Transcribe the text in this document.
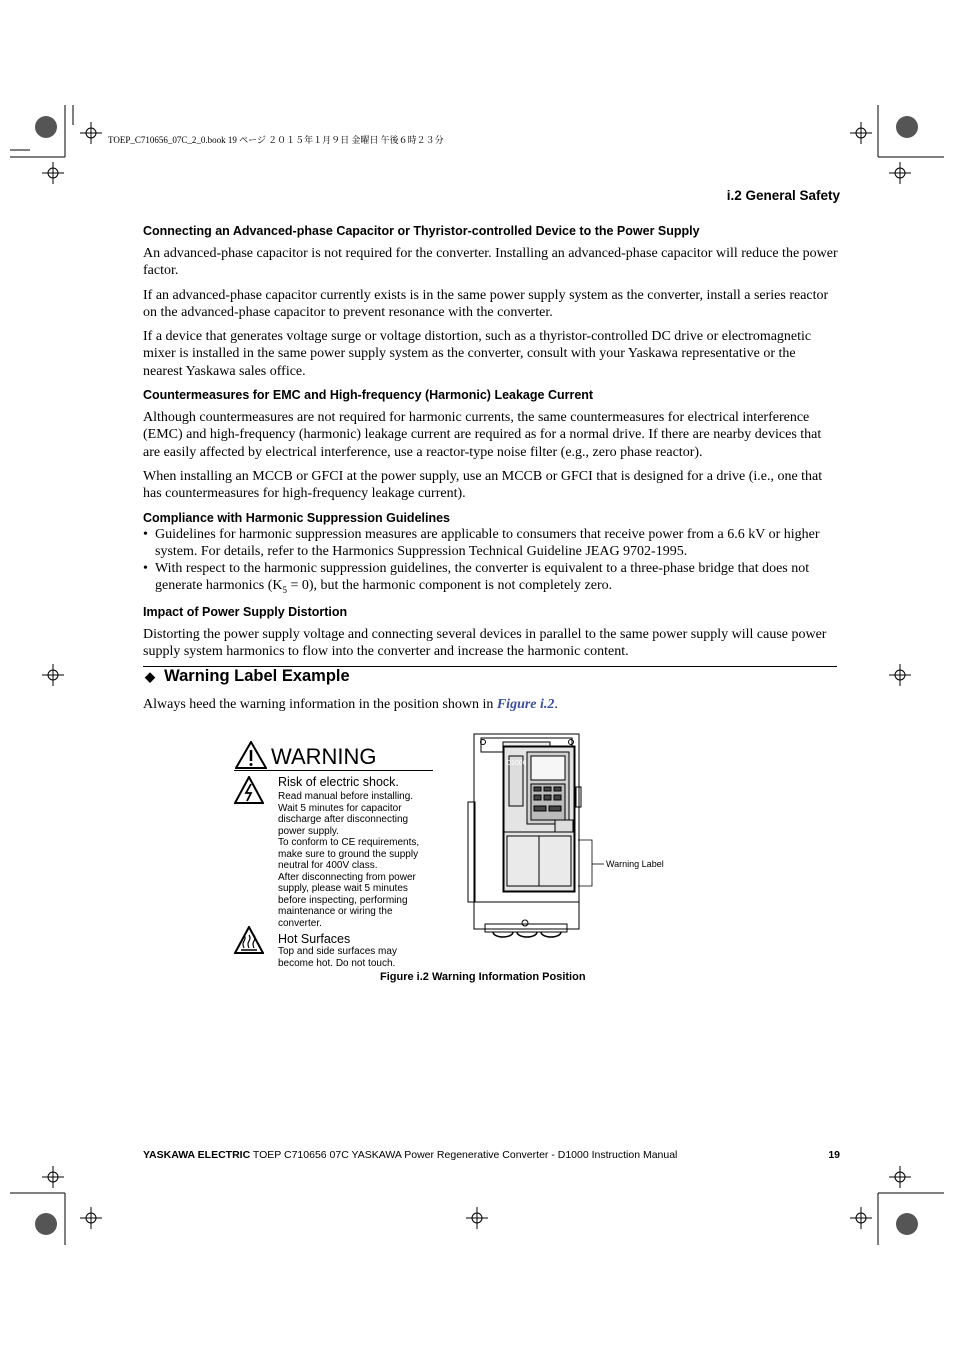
TOEP_C710656_07C_2_0.book 19 ページ ２０１５年１月９日 金曜日 午後６時２３分
i.2 General Safety
Connecting an Advanced-phase Capacitor or Thyristor-controlled Device to the Power Supply

An advanced-phase capacitor is not required for the converter. Installing an advanced-phase capacitor will reduce the power factor.

If an advanced-phase capacitor currently exists is in the same power supply system as the converter, install a series reactor on the advanced-phase capacitor to prevent resonance with the converter.

If a device that generates voltage surge or voltage distortion, such as a thyristor-controlled DC drive or electromagnetic mixer is installed in the same power supply system as the converter, consult with your Yaskawa representative or the nearest Yaskawa sales office.

Countermeasures for EMC and High-frequency (Harmonic) Leakage Current

Although countermeasures are not required for harmonic currents, the same countermeasures for electrical interference (EMC) and high-frequency (harmonic) leakage current are required as for a normal drive. If there are nearby devices that are easily affected by electrical interference, use a reactor-type noise filter (e.g., zero phase reactor).

When installing an MCCB or GFCI at the power supply, use an MCCB or GFCI that is designed for a drive (i.e., one that has countermeasures for high-frequency leakage current).

Compliance with Harmonic Suppression Guidelines
• Guidelines for harmonic suppression measures are applicable to consumers that receive power from a 6.6 kV or higher system. For details, refer to the Harmonics Suppression Technical Guideline JEAG 9702-1995.
• With respect to the harmonic suppression guidelines, the converter is equivalent to a three-phase bridge that does not generate harmonics $(K_5 = 0)$, but the harmonic component is not completely zero.
Impact of Power Supply Distortion

Distorting the power supply voltage and connecting several devices in parallel to the same power supply will cause power supply system harmonics to flow into the converter and increase the harmonic content.

◆ Warning Label Example
Always heed the warning information in the position shown in Figure i.2.
WARNING
Risk of electric shock.
Read manual before installing.
Wait 5 minutes for capacitor
discharge after disconnecting
power supply.
To conform to CE requirements,
make sure to ground the supply
neutral for 400V class.
After disconnecting from power
supply, please wait 5 minutes
before inspecting, performing
maintenance or wiring the
converter.
Hot Surfaces
Top and side surfaces may
become hot. Do not touch.
D1000
Warning Label
Figure i.2 Warning Information Position
YASKAWA ELECTRIC TOEP C710656 07C YASKAWA Power Regenerative Converter - D1000 Instruction Manual	19
